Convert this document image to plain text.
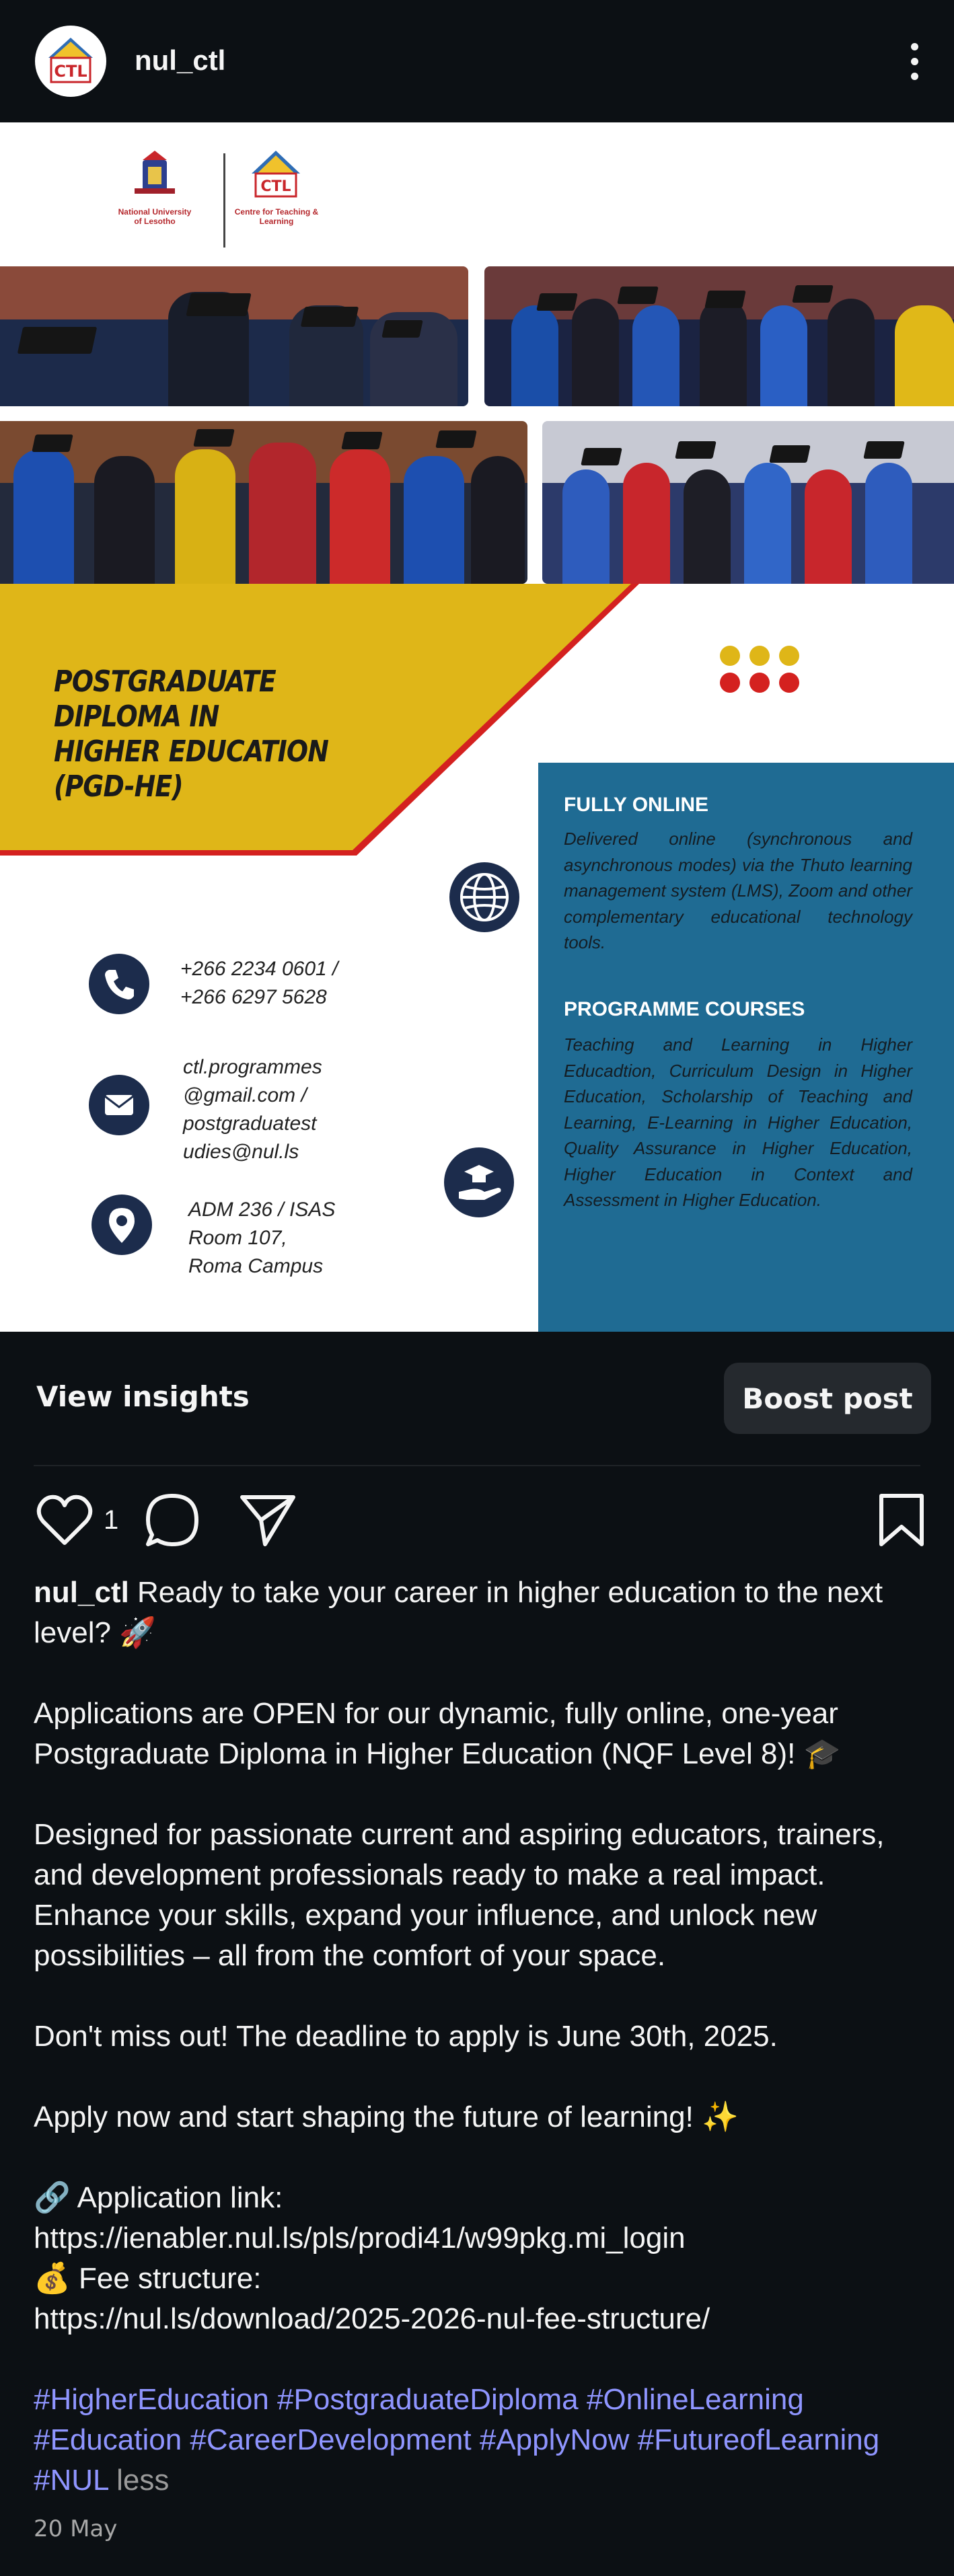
CTL nul_ctl
National University of Lesotho
CTL
Centre for Teaching & Learning
POSTGRADUATE DIPLOMA IN
HIGHER EDUCATION (PGD-HE)
FULLY ONLINE
Delivered online (synchronous and asynchronous modes) via the Thuto learning management system (LMS), Zoom and other complementary educational technology tools.
PROGRAMME COURSES
Teaching and Learning in Higher Educadtion, Curriculum Design in Higher Education, Scholarship of Teaching and Learning, E-Learning in Higher Education, Quality Assurance in Higher Education, Higher Education in Context and Assessment in Higher Education.
+266 2234 0601 /
+266 6297 5628
ctl.programmes
@gmail.com /
postgraduatest
udies@nul.ls
ADM 236 / ISAS
Room 107,
Roma Campus
View insights	Boost post
1

nul_ctl Ready to take your career in higher education to the next level? 🚀

Applications are OPEN for our dynamic, fully online, one-year Postgraduate Diploma in Higher Education (NQF Level 8)! 🎓

Designed for passionate current and aspiring educators, trainers, and development professionals ready to make a real impact. Enhance your skills, expand your influence, and unlock new possibilities – all from the comfort of your space.

Don't miss out! The deadline to apply is June 30th, 2025.

Apply now and start shaping the future of learning! ✨

🔗 Application link:

https://ienabler.nul.ls/pls/prodi41/w99pkg.mi_login

💰 Fee structure:

https://nul.ls/download/2025-2026-nul-fee-structure/

#HigherEducation #PostgraduateDiploma #OnlineLearning #Education #CareerDevelopment #ApplyNow #FutureofLearning #NUL less

20 May
